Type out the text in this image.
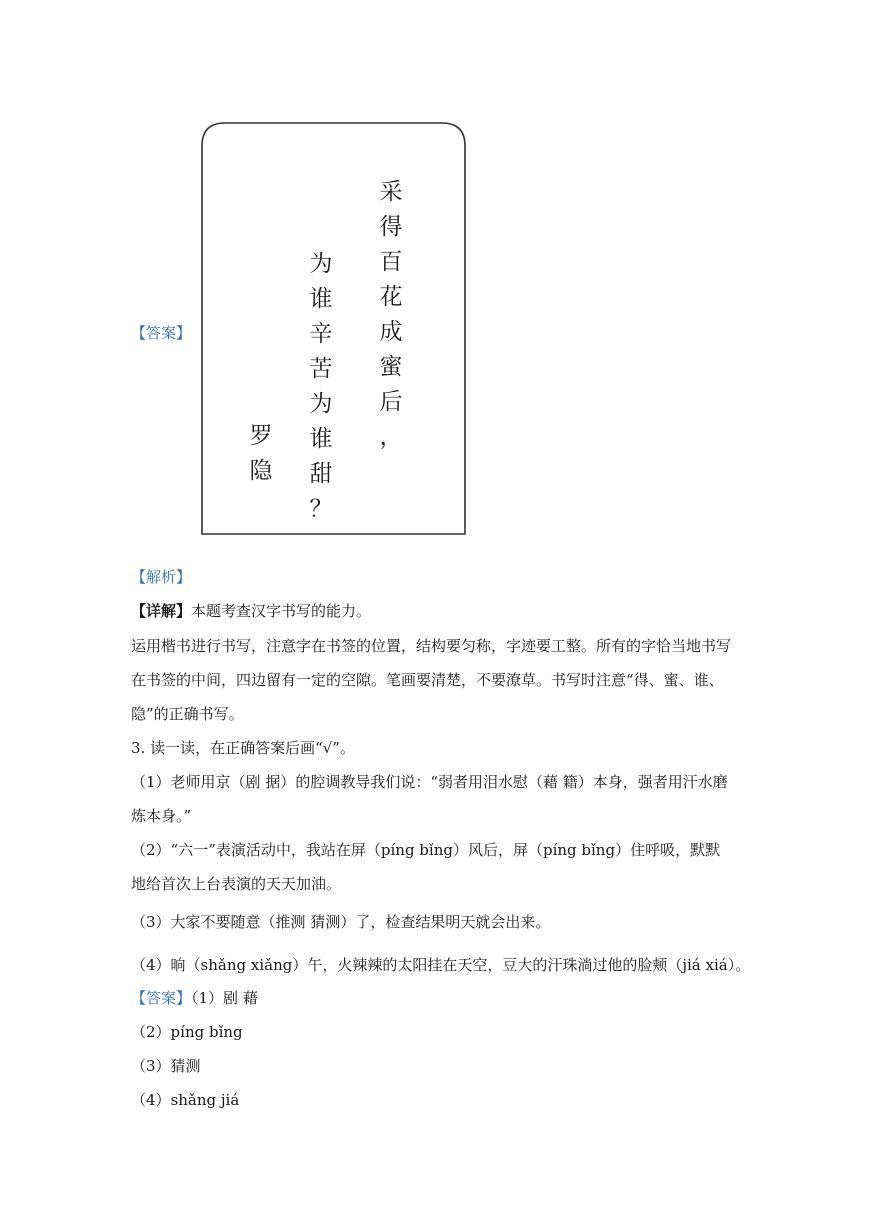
【答案】
采
得
百
花
成
蜜
后
，
为
谁
辛
苦
为
谁
甜
？
罗
隐
【解析】
【详解】本题考查汉字书写的能力。
运用楷书进行书写，注意字在书签的位置，结构要匀称，字迹要工整。所有的字恰当地书写
在书签的中间，四边留有一定的空隙。笔画要清楚，不要潦草。书写时注意“得、蜜、谁、
隐”的正确书写。
3. 读一读，在正确答案后画“√”。
（1）老师用京（剧 据）的腔调教导我们说：“弱者用泪水慰（藉 籍）本身，强者用汗水磨
炼本身。”
（2）“六一”表演活动中，我站在屏（píng bǐng）风后，屏（píng bǐng）住呼吸，默默
地给首次上台表演的天天加油。
（3）大家不要随意（推测 猜测）了，检查结果明天就会出来。
（4）晌（shǎng xiǎng）午，火辣辣的太阳挂在天空，豆大的汗珠淌过他的脸颊（jiá xiá）。
【答案】（1）剧 藉
（2）píng bǐng
（3）猜测
（4）shǎng jiá
